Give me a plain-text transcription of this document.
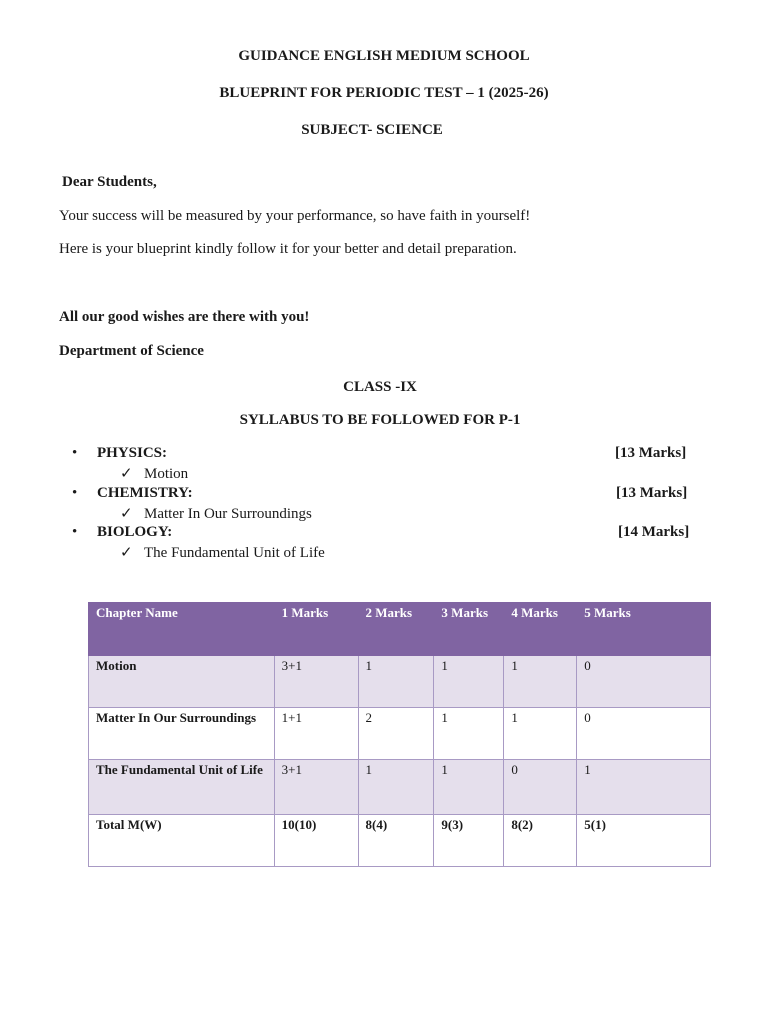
GUIDANCE ENGLISH MEDIUM SCHOOL
BLUEPRINT FOR PERIODIC TEST – 1 (2025-26)
SUBJECT- SCIENCE
Dear Students,
Your success will be measured by your performance, so have faith in yourself!
Here is your blueprint kindly follow it for your better and detail preparation.
All our good wishes are there with you!
Department of Science
CLASS -IX
SYLLABUS TO BE FOLLOWED FOR P-1
• PHYSICS:	[13 Marks]
✓ Motion
• CHEMISTRY:	[13 Marks]
✓ Matter In Our Surroundings
• BIOLOGY:	[14 Marks]
✓ The Fundamental Unit of Life
Chapter Name	1 Marks	2 Marks	3 Marks	4 Marks	5 Marks
Motion	3+1	1	1	1	0
Matter In Our Surroundings	1+1	2	1	1	0
The Fundamental Unit of Life	3+1	1	1	0	1
Total M(W)	10(10)	8(4)	9(3)	8(2)	5(1)
